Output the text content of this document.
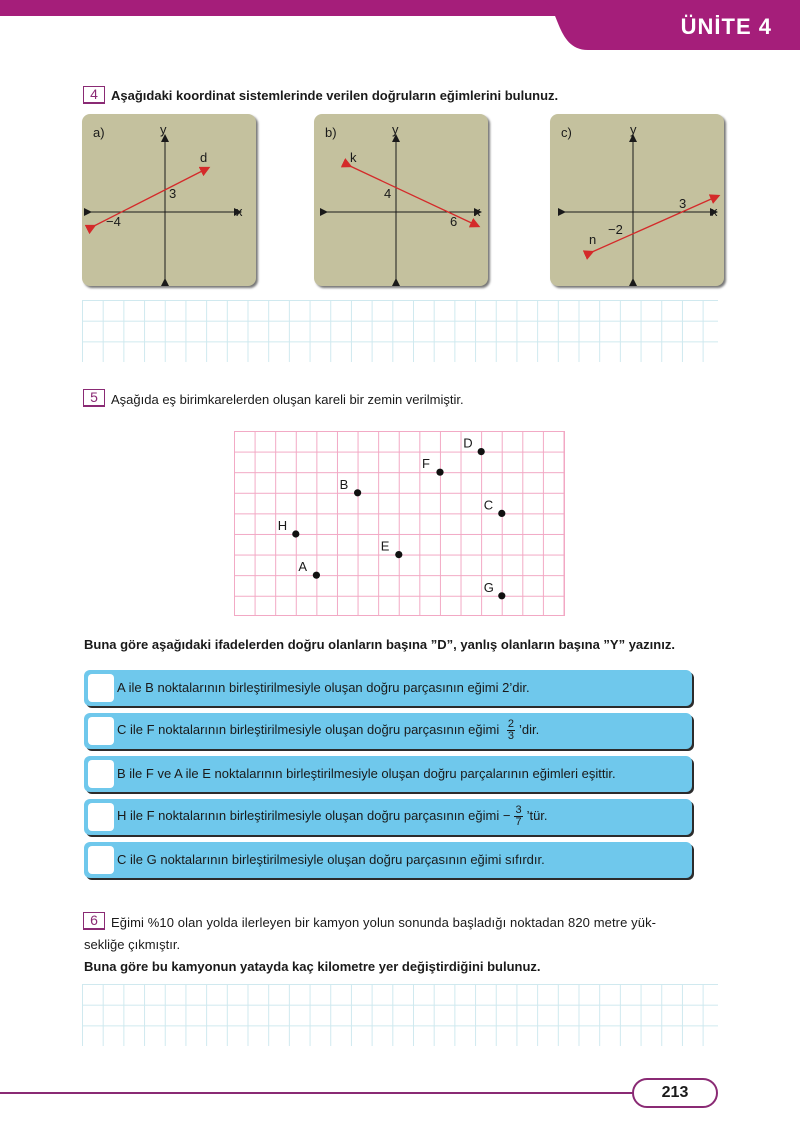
ÜNİTE 4
4	Aşağıdaki koordinat sistemlerinde verilen doğruların eğimlerini bulunuz.
a)	y
x
d
3
−4
b)	y
x
k
4
6
c)	y
x
n
−2
3
5	Aşağıda eş birimkarelerden oluşan kareli bir zemin verilmiştir.
D
F
B
C
H
E
A
G
Buna göre aşağıdaki ifadelerden doğru olanların başına ”D”, yanlış olanların başına ”Y” yazınız.
A ile B noktalarının birleştirilmesiyle oluşan doğru parçasının eğimi 2’dir.
C ile F noktalarının birleştirilmesiyle oluşan doğru parçasının eğimi $\frac{2}{3}$ ’dir.
B ile F ve A ile E noktalarının birleştirilmesiyle oluşan doğru parçalarının eğimleri eşittir.
H ile F noktalarının birleştirilmesiyle oluşan doğru parçasının eğimi − $\frac{3}{7}$ ’tür.
C ile G noktalarının birleştirilmesiyle oluşan doğru parçasının eğimi sıfırdır.
6	Eğimi %10 olan yolda ilerleyen bir kamyon yolun sonunda başladığı noktadan 820 metre yük-
sekliğe çıkmıştır.
Buna göre bu kamyonun yatayda kaç kilometre yer değiştirdiğini bulunuz.
213
